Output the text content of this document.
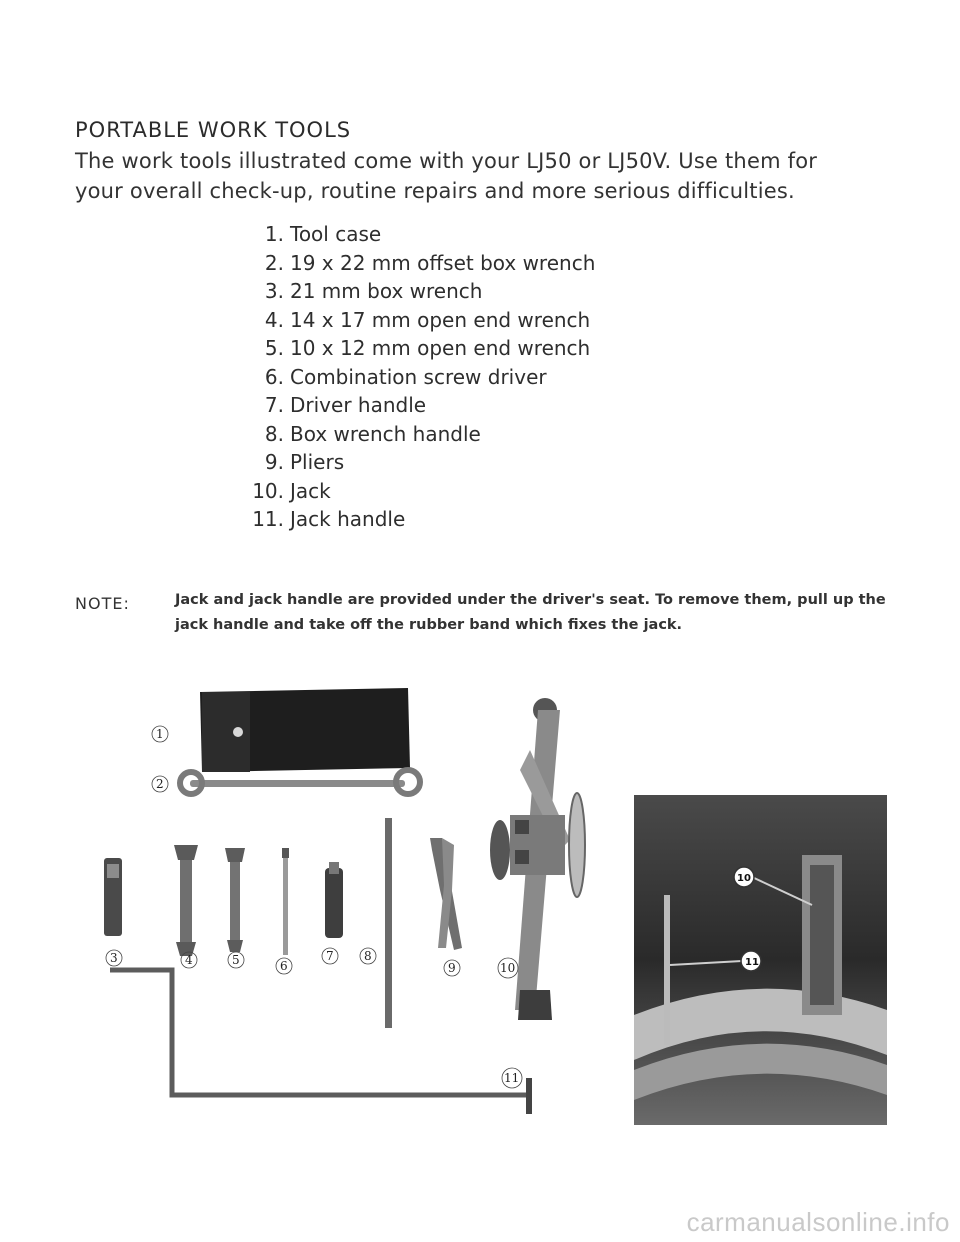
PORTABLE WORK TOOLS
The work tools illustrated come with your LJ50 or LJ50V. Use them for your overall check-up, routine repairs and more serious difficulties.
1. Tool case
2. 19 x 22 mm offset box wrench
3. 21 mm box wrench
4. 14 x 17 mm open end wrench
5. 10 x 12 mm open end wrench
6. Combination screw driver
7. Driver handle
8. Box wrench handle
9. Pliers
10. Jack
11. Jack handle
NOTE:	Jack and jack handle are provided under the driver's seat. To remove them, pull up the jack handle and take off the rubber band which fixes the jack.
1
2
3	4	5	6
7	8
9	10
11
10
11
carmanualsonline.info
